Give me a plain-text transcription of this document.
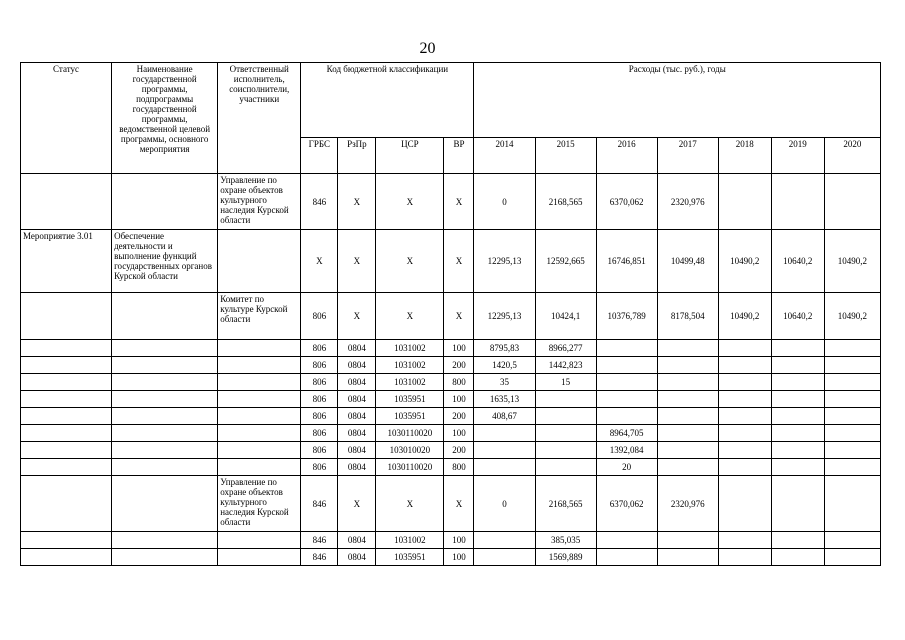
20
Статус	Наименование государственной программы, подпрограммы государственной программы, ведомственной целевой программы, основного мероприятия	Ответственный исполнитель, соисполнители, участники	Код бюджетной классификации				Расходы (тыс. руб.), годы						
			ГРБС	РзПр	ЦСР	ВР	2014	2015	2016	2017	2018	2019	2020
		Управление по охране объектов культурного наследия Курской области	846	X	X	X	0	2168,565	6370,062	2320,976			
Мероприятие 3.01	Обеспечение деятельности и выполнение функций государственных органов Курской области		X	X	X	X	12295,13	12592,665	16746,851	10499,48	10490,2	10640,2	10490,2
		Комитет по культуре Курской области	806	X	X	X	12295,13	10424,1	10376,789	8178,504	10490,2	10640,2	10490,2
			806	0804	1031002	100	8795,83	8966,277					
			806	0804	1031002	200	1420,5	1442,823					
			806	0804	1031002	800	35	15					
			806	0804	1035951	100	1635,13						
			806	0804	1035951	200	408,67						
			806	0804	1030110020	100			8964,705				
			806	0804	103010020	200			1392,084				
			806	0804	1030110020	800			20				
		Управление по охране объектов культурного наследия Курской области	846	X	X	X	0	2168,565	6370,062	2320,976			
			846	0804	1031002	100		385,035					
			846	0804	1035951	100		1569,889					
